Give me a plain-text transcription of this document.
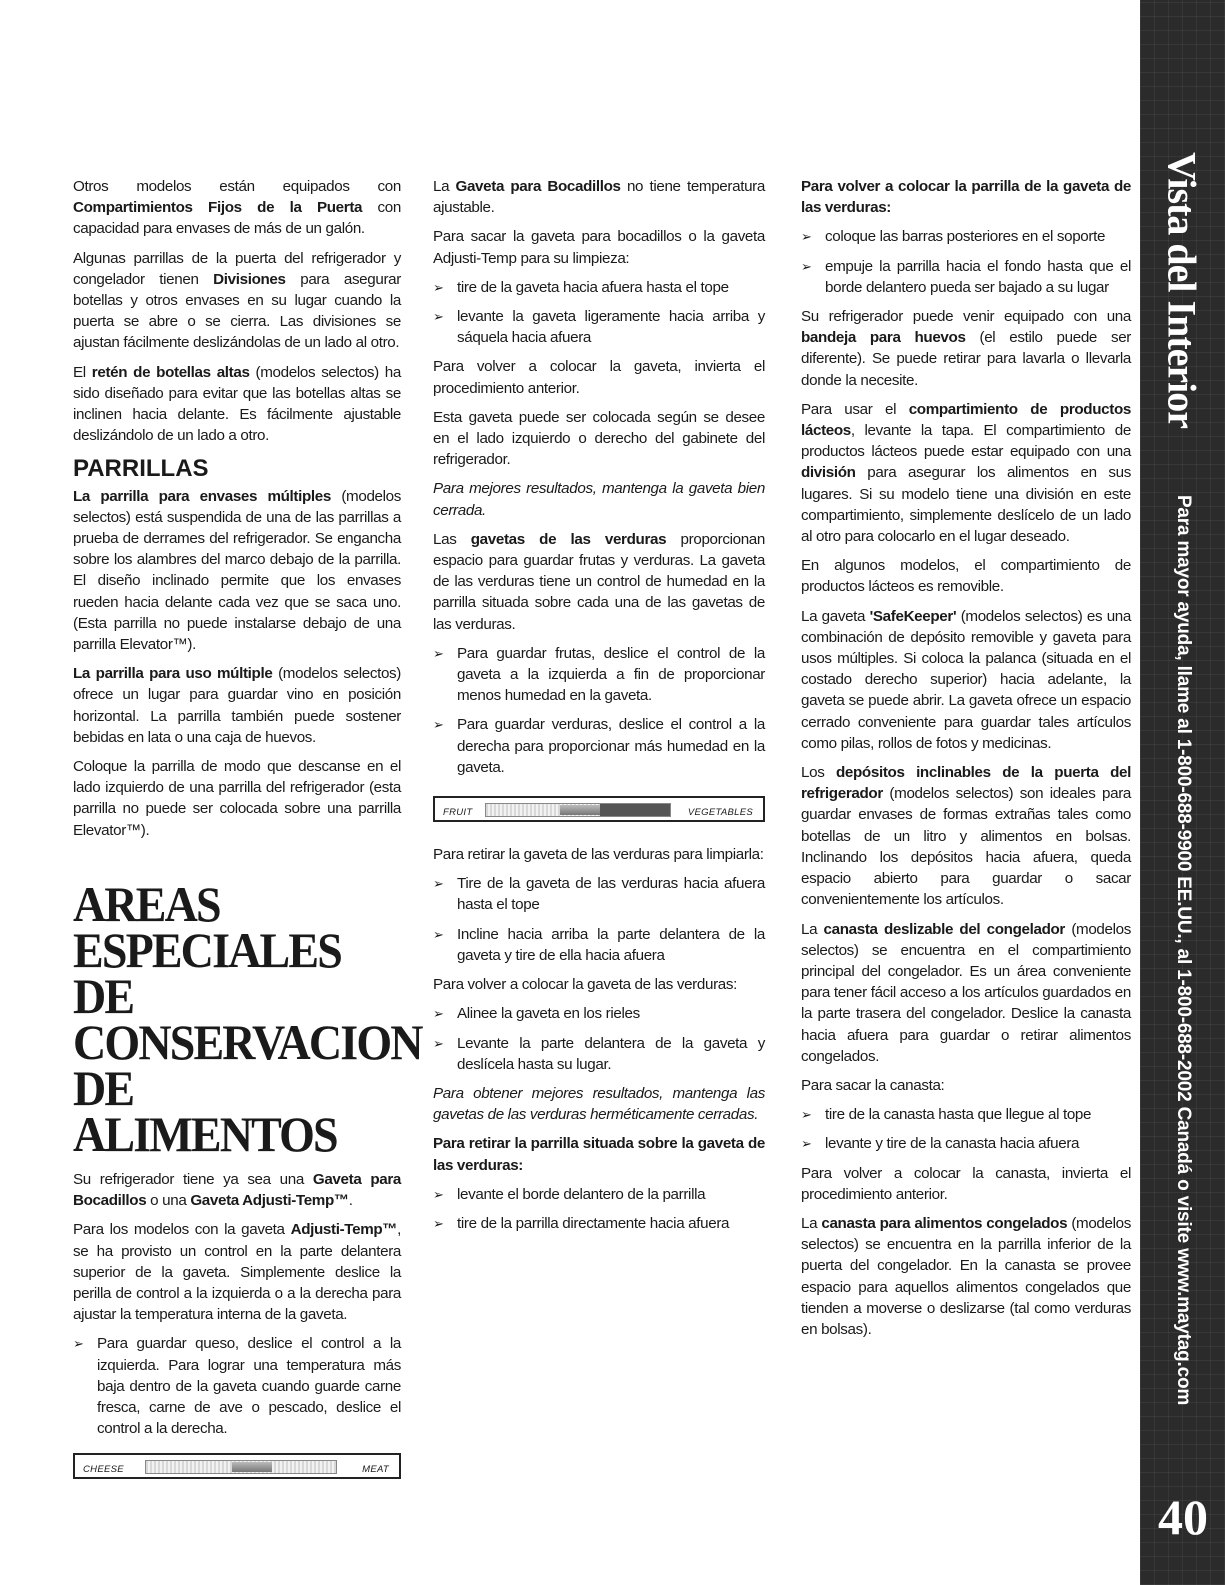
Otros modelos están equipados con Compartimientos Fijos de la Puerta con capacidad para envases de más de un galón.

Algunas parrillas de la puerta del refrigerador y congelador tienen Divisiones para asegurar botellas y otros envases en su lugar cuando la puerta se abre o se cierra. Las divisiones se ajustan fácilmente deslizándolas de un lado al otro.

El retén de botellas altas (modelos selectos) ha sido diseñado para evitar que las botellas altas se inclinen hacia delante. Es fácilmente ajustable deslizándolo de un lado a otro.

PARRILLAS

La parrilla para envases múltiples (modelos selectos) está suspendida de una de las parrillas a prueba de derrames del refrigerador. Se engancha sobre los alambres del marco debajo de la parrilla. El diseño inclinado permite que los envases rueden hacia delante cada vez que se saca uno. (Esta parrilla no puede instalarse debajo de una parrilla Elevator™).

La parrilla para uso múltiple (modelos selectos) ofrece un lugar para guardar vino en posición horizontal. La parrilla también puede sostener bebidas en lata o una caja de huevos.

Coloque la parrilla de modo que descanse en el lado izquierdo de una parrilla del refrigerador (esta parrilla no puede ser colocada sobre una parrilla Elevator™).

AREAS ESPECIALES DE CONSERVACION DE ALIMENTOS

Su refrigerador tiene ya sea una Gaveta para Bocadillos o una Gaveta Adjusti-Temp™.

Para los modelos con la gaveta Adjusti-Temp™, se ha provisto un control en la parte delantera superior de la gaveta. Simplemente deslice la perilla de control a la izquierda o a la derecha para ajustar la temperatura interna de la gaveta.

➢ Para guardar queso, deslice el control a la izquierda. Para lograr una temperatura más baja dentro de la gaveta cuando guarde carne fresca, carne de ave o pescado, deslice el control a la derecha.
CHEESE	MEAT

La Gaveta para Bocadillos no tiene temperatura ajustable.

Para sacar la gaveta para bocadillos o la gaveta Adjusti-Temp para su limpieza:

➢ tire de la gaveta hacia afuera hasta el tope
➢ levante la gaveta ligeramente hacia arriba y sáquela hacia afuera

Para volver a colocar la gaveta, invierta el procedimiento anterior.

Esta gaveta puede ser colocada según se desee en el lado izquierdo o derecho del gabinete del refrigerador.

Para mejores resultados, mantenga la gaveta bien cerrada.

Las gavetas de las verduras proporcionan espacio para guardar frutas y verduras. La gaveta de las verduras tiene un control de humedad en la parrilla situada sobre cada una de las gavetas de las verduras.

➢ Para guardar frutas, deslice el control de la gaveta a la izquierda a fin de proporcionar menos humedad en la gaveta.
➢ Para guardar verduras, deslice el control a la derecha para proporcionar más humedad en la gaveta.
FRUIT	VEGETABLES

Para retirar la gaveta de las verduras para limpiarla:

➢ Tire de la gaveta de las verduras hacia afuera hasta el tope
➢ Incline hacia arriba la parte delantera de la gaveta y tire de ella hacia afuera

Para volver a colocar la gaveta de las verduras:

➢ Alinee la gaveta en los rieles
➢ Levante la parte delantera de la gaveta y deslícela hasta su lugar.

Para obtener mejores resultados, mantenga las gavetas de las verduras herméticamente cerradas.

Para retirar la parrilla situada sobre la gaveta de las verduras:

➢ levante el borde delantero de la parrilla
➢ tire de la parrilla directamente hacia afuera

Para volver a colocar la parrilla de la gaveta de las verduras:

➢ coloque las barras posteriores en el soporte
➢ empuje la parrilla hacia el fondo hasta que el borde delantero pueda ser bajado a su lugar

Su refrigerador puede venir equipado con una bandeja para huevos (el estilo puede ser diferente). Se puede retirar para lavarla o llevarla donde la necesite.

Para usar el compartimiento de productos lácteos, levante la tapa. El compartimiento de productos lácteos puede estar equipado con una división para asegurar los alimentos en sus lugares. Si su modelo tiene una división en este compartimiento, simplemente deslícelo de un lado al otro para colocarlo en el lugar deseado.

En algunos modelos, el compartimiento de productos lácteos es removible.

La gaveta 'SafeKeeper' (modelos selectos) es una combinación de depósito removible y gaveta para usos múltiples. Si coloca la palanca (situada en el costado derecho superior) hacia adelante, la gaveta se puede abrir. La gaveta ofrece un espacio cerrado conveniente para guardar tales artículos como pilas, rollos de fotos y medicinas.

Los depósitos inclinables de la puerta del refrigerador (modelos selectos) son ideales para guardar envases de formas extrañas tales como botellas de un litro y alimentos en bolsas. Inclinando los depósitos hacia afuera, queda espacio abierto para guardar o sacar convenientemente los artículos.

La canasta deslizable del congelador (modelos selectos) se encuentra en el compartimiento principal del congelador. Es un área conveniente para tener fácil acceso a los artículos guardados en la parte trasera del congelador. Deslice la canasta hacia afuera para guardar o retirar alimentos congelados.

Para sacar la canasta:

➢ tire de la canasta hasta que llegue al tope
➢ levante y tire de la canasta hacia afuera

Para volver a colocar la canasta, invierta el procedimiento anterior.

La canasta para alimentos congelados (modelos selectos) se encuentra en la parrilla inferior de la puerta del congelador. En la canasta se provee espacio para aquellos alimentos congelados que tienden a moverse o deslizarse (tal como verduras en bolsas).

Vista del Interior
Para mayor ayuda, llame al 1-800-688-9900 EE.UU., al 1-800-688-2002 Canadá o visite www.maytag.com
40
